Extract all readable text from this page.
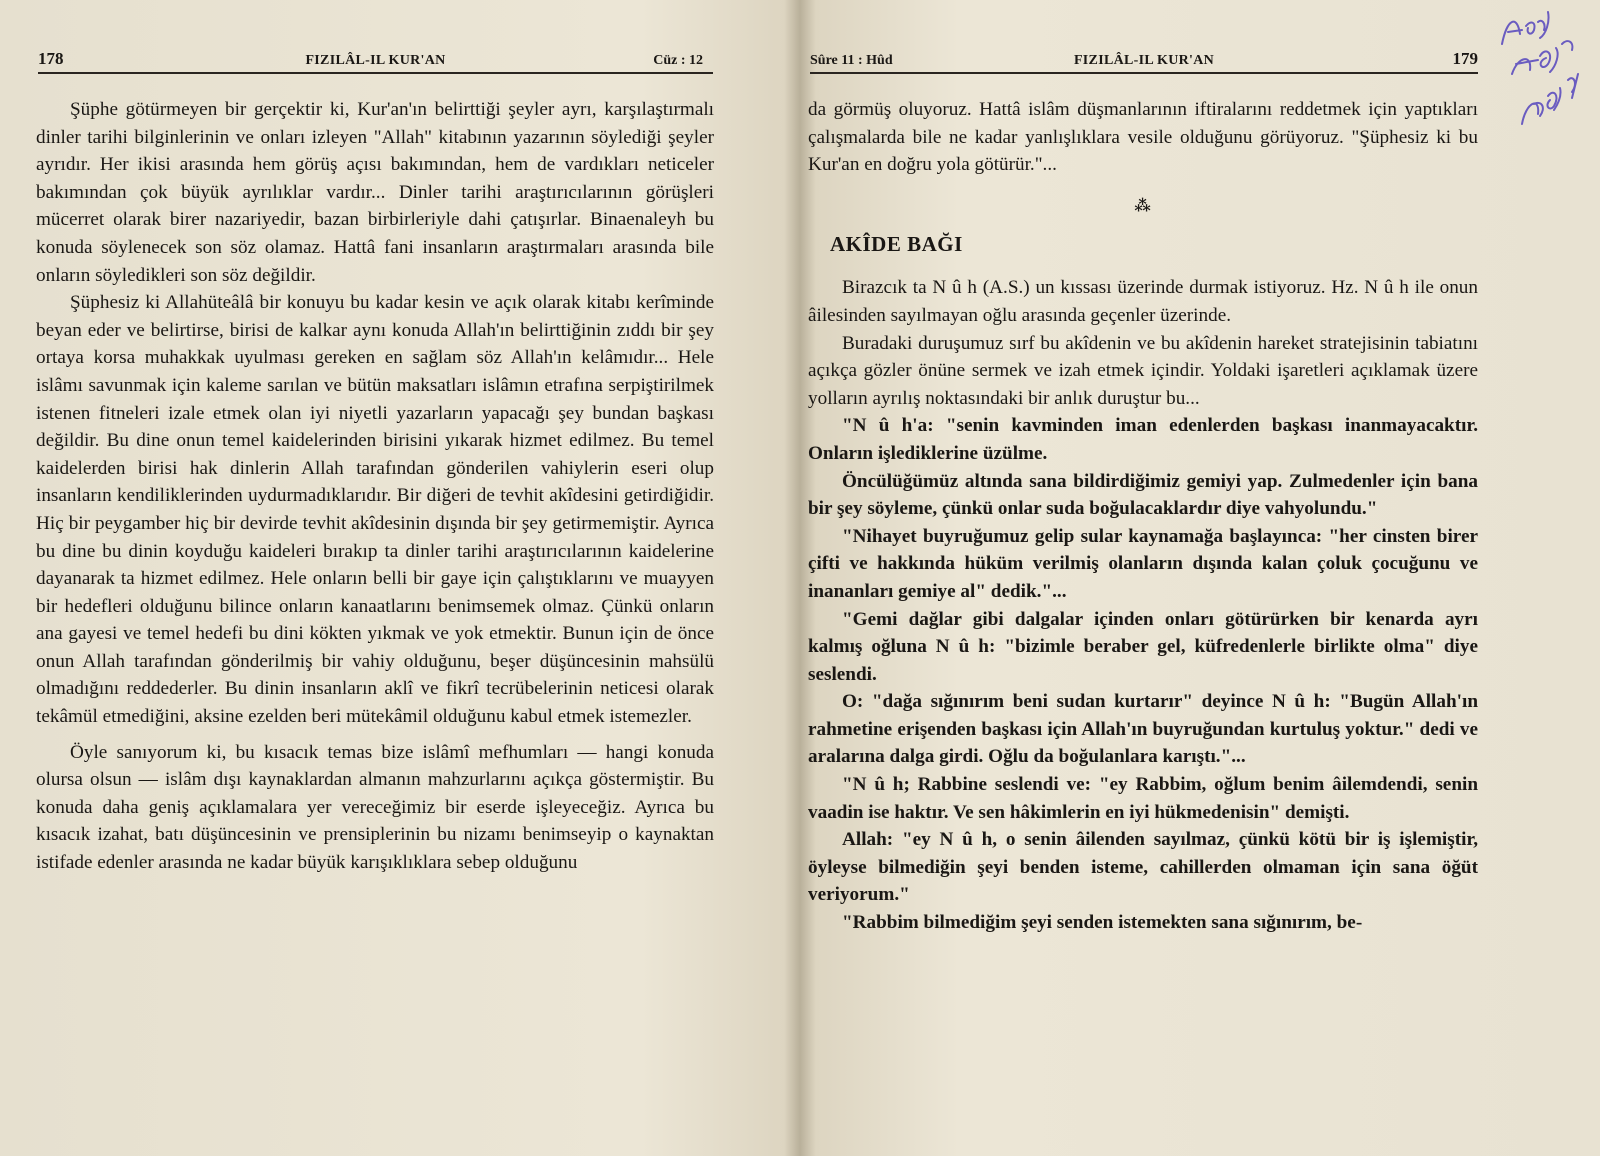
178	FIZILÂL-IL KUR'AN	Cüz : 12

Şüphe götürmeyen bir gerçektir ki, Kur'an'ın belirttiği şeyler ayrı, karşılaştırmalı dinler tarihi bilginlerinin ve onları izleyen "Allah" kitabının yazarının söylediği şeyler ayrıdır. Her ikisi arasında hem görüş açısı bakımından, hem de vardıkları neticeler bakımından çok büyük ayrılıklar vardır... Dinler tarihi araştırıcılarının görüşleri mücerret olarak birer nazariyedir, bazan birbirleriyle dahi çatışırlar. Binaenaleyh bu konuda söylenecek son söz olamaz. Hattâ fani insanların araştırmaları arasında bile onların söyledikleri son söz değildir.

Şüphesiz ki Allahüteâlâ bir konuyu bu kadar kesin ve açık olarak kitabı kerîminde beyan eder ve belirtirse, birisi de kalkar aynı konuda Allah'ın belirttiğinin zıddı bir şey ortaya korsa muhakkak uyulması gereken en sağlam söz Allah'ın kelâmıdır... Hele islâmı savunmak için kaleme sarılan ve bütün maksatları islâmın etrafına serpiştirilmek istenen fitneleri izale etmek olan iyi niyetli yazarların yapacağı şey bundan başkası değildir. Bu dine onun temel kaidelerinden birisini yıkarak hizmet edilmez. Bu temel kaidelerden birisi hak dinlerin Allah tarafından gönderilen vahiylerin eseri olup insanların kendiliklerinden uydurmadıklarıdır. Bir diğeri de tevhit akîdesini getirdiğidir. Hiç bir peygamber hiç bir devirde tevhit akîdesinin dışında bir şey getirmemiştir. Ayrıca bu dine bu dinin koyduğu kaideleri bırakıp ta dinler tarihi araştırıcılarının kaidelerine dayanarak ta hizmet edilmez. Hele onların belli bir gaye için çalıştıklarını ve muayyen bir hedefleri olduğunu bilince onların kanaatlarını benimsemek olmaz. Çünkü onların ana gayesi ve temel hedefi bu dini kökten yıkmak ve yok etmektir. Bunun için de önce onun Allah tarafından gönderilmiş bir vahiy olduğunu, beşer düşüncesinin mahsülü olmadığını reddederler. Bu dinin insanların aklî ve fikrî tecrübelerinin neticesi olarak tekâmül etmediğini, aksine ezelden beri mütekâmil olduğunu kabul etmek istemezler.

Öyle sanıyorum ki, bu kısacık temas bize islâmî mefhumları — hangi konuda olursa olsun — islâm dışı kaynaklardan almanın mahzurlarını açıkça göstermiştir. Bu konuda daha geniş açıklamalara yer vereceğimiz bir eserde işleyeceğiz. Ayrıca bu kısacık izahat, batı düşüncesinin ve prensiplerinin bu nizamı benimseyip o kaynaktan istifade edenler arasında ne kadar büyük karışıklıklara sebep olduğunu

Sûre 11 : Hûd	FIZILÂL-IL KUR'AN	179

da görmüş oluyoruz. Hattâ islâm düşmanlarının iftiralarını reddetmek için yaptıkları çalışmalarda bile ne kadar yanlışlıklara vesile olduğunu görüyoruz. "Şüphesiz ki bu Kur'an en doğru yola götürür."...

⁂
AKÎDE BAĞI

Birazcık ta N û h (A.S.) un kıssası üzerinde durmak istiyoruz. Hz. N û h ile onun âilesinden sayılmayan oğlu arasında geçenler üzerinde.

Buradaki duruşumuz sırf bu akîdenin ve bu akîdenin hareket stratejisinin tabiatını açıkça gözler önüne sermek ve izah etmek içindir. Yoldaki işaretleri açıklamak üzere yolların ayrılış noktasındaki bir anlık duruştur bu...

"N û h'a: "senin kavminden iman edenlerden başkası inanmayacaktır. Onların işlediklerine üzülme.

Öncülüğümüz altında sana bildirdiğimiz gemiyi yap. Zulmedenler için bana bir şey söyleme, çünkü onlar suda boğulacaklardır diye vahyolundu."

"Nihayet buyruğumuz gelip sular kaynamağa başlayınca: "her cinsten birer çifti ve hakkında hüküm verilmiş olanların dışında kalan çoluk çocuğunu ve inananları gemiye al" dedik."...

"Gemi dağlar gibi dalgalar içinden onları götürürken bir kenarda ayrı kalmış oğluna N û h: "bizimle beraber gel, küfredenlerle birlikte olma" diye seslendi.

O: "dağa sığınırım beni sudan kurtarır" deyince N û h: "Bugün Allah'ın rahmetine erişenden başkası için Allah'ın buyruğundan kurtuluş yoktur." dedi ve aralarına dalga girdi. Oğlu da boğulanlara karıştı."...

"N û h; Rabbine seslendi ve: "ey Rabbim, oğlum benim âilemdendi, senin vaadin ise haktır. Ve sen hâkimlerin en iyi hükmedenisin" demişti.

Allah: "ey N û h, o senin âilenden sayılmaz, çünkü kötü bir iş işlemiştir, öyleyse bilmediğin şeyi benden isteme, cahillerden olmaman için sana öğüt veriyorum."

"Rabbim bilmediğim şeyi senden istemekten sana sığınırım, be-
